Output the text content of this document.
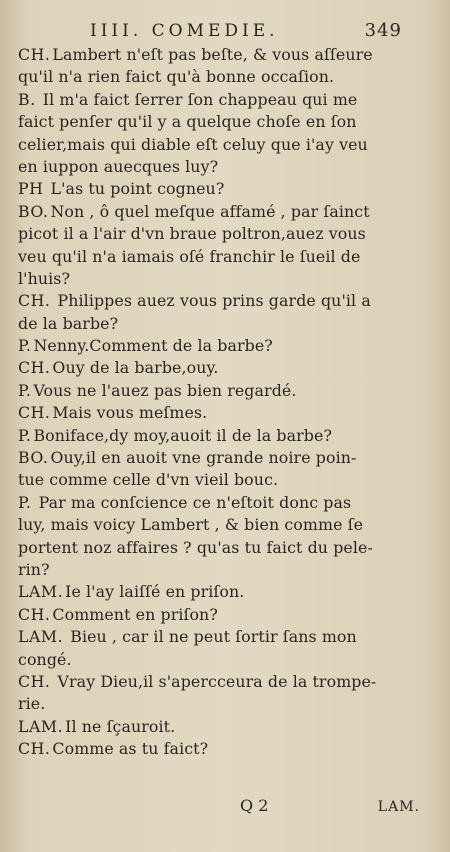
IIII. COMEDIE.	349
CH. Lambert n'eſt pas beſte, & vous aſſeure
qu'il n'a rien faict qu'à bonne occaſion.
B. Il m'a faict ſerrer ſon chappeau qui me
faict penſer qu'il y a quelque choſe en ſon
celier,mais qui diable eſt celuy que i'ay veu
en iuppon auecques luy?
PH L'as tu point cogneu?
BO. Non , ô quel meſque affamé , par ſainct
picot il a l'air d'vn braue poltron,auez vous
veu qu'il n'a iamais oſé franchir le ſueil de
l'huis?
CH. Philippes auez vous prins garde qu'il a
de la barbe?
P. Nenny.Comment de la barbe?
CH. Ouy de la barbe,ouy.
P. Vous ne l'auez pas bien regardé.
CH. Mais vous meſmes.
P. Boniface,dy moy,auoit il de la barbe?
BO. Ouy,il en auoit vne grande noire poin-
tue comme celle d'vn vieil bouc.
P. Par ma conſcience ce n'eſtoit donc pas
luy, mais voicy Lambert , & bien comme ſe
portent noz affaires ? qu'as tu faict du pele-
rin?
LAM. Ie l'ay laiſſé en priſon.
CH. Comment en priſon?
LAM. Bieu , car il ne peut ſortir ſans mon
congé.
CH. Vray Dieu,il s'apercceura de la trompe-
rie.
LAM. Il ne ſçauroit.
CH. Comme as tu faict?
Q 2	LAM.
